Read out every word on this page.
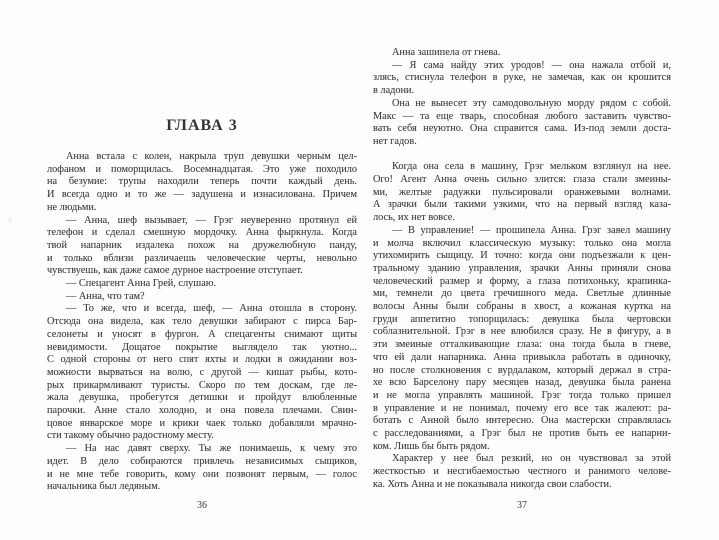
ГЛАВА 3
Анна встала с колен, накрыла труп девушки черным цел-
лофаном и поморщилась. Восемнадцатая. Это уже походило
на безумие: трупы находили теперь почти каждый день.
И всегда одно и то же — задушена и изнасилована. Причем
не людьми.
— Анна, шеф вызывает, — Грэг неуверенно протянул ей
телефон и сделал смешную мордочку. Анна фыркнула. Когда
твой напарник издалека похож на дружелюбную панду,
и только вблизи различаешь человеческие черты, невольно
чувствуешь, как даже самое дурное настроение отступает.
— Спецагент Анна Грей, слушаю.
— Анна, что там?
— То же, что и всегда, шеф, — Анна отошла в сторону.
Отсюда она видела, как тело девушки забирают с пирса Бар-
селонеты и уносят в фургон. А спецагенты снимают щиты
невидимости. Дощатое покрытие выглядело так уютно...
С одной стороны от него спят яхты и лодки в ожидании воз-
можности вырваться на волю, с другой — кишат рыбы, кото-
рых прикармливают туристы. Скоро по тем доскам, где ле-
жала девушка, пробегутся детишки и пройдут влюбленные
парочки. Анне стало холодно, и она повела плечами. Свин-
цовое январское море и крики чаек только добавляли мрачно-
сти такому обычно радостному месту.
— На нас давят сверху. Ты же понимаешь, к чему это
идет. В дело собираются привлечь независимых сыщиков,
и не мне тебе говорить, кому они позвонят первым, — голос
начальника был ледяным.
36
Анна зашипела от гнева.
— Я сама найду этих уродов! — она нажала отбой и,
злясь, стиснула телефон в руке, не замечая, как он крошится
в ладони.
Она не вынесет эту самодовольную морду рядом с собой.
Макс — та еще тварь, способная любого заставить чувство-
вать себя неуютно. Она справится сама. Из-под земли доста-
нет гадов.
Когда она села в машину, Грэг мельком взглянул на нее.
Ого! Агент Анна очень сильно злится: глаза стали змеины-
ми, желтые радужки пульсировали оранжевыми волнами.
А зрачки были такими узкими, что на первый взгляд каза-
лось, их нет вовсе.
— В управление! — прошипела Анна. Грэг завел машину
и молча включил классическую музыку: только она могла
утихомирить сыщицу. И точно: когда они подъезжали к цен-
тральному зданию управления, зрачки Анны приняли снова
человеческий размер и форму, а глаза потихоньку, крапинка-
ми, темнели до цвета гречишного меда. Светлые длинные
волосы Анны были собраны в хвост, а кожаная куртка на
груди аппетитно топорщилась: девушка была чертовски
соблазнительной. Грэг в нее влюбился сразу. Не в фигуру, а в
эти змеиные отталкивающие глаза: она тогда была в гневе,
что ей дали напарника. Анна привыкла работать в одиночку,
но после столкновения с вурдалаком, который держал в стра-
хе всю Барселону пару месяцев назад, девушка была ранена
и не могла управлять машиной. Грэг тогда только пришел
в управление и не понимал, почему его все так жалеют: ра-
ботать с Анной было интересно. Она мастерски справлялась
с расследованиями, а Грэг был не против быть ее напарни-
ком. Лишь бы быть рядом.
Характер у нее был резкий, но он чувствовал за этой
жесткостью и несгибаемостью честного и ранимого челове-
ка. Хоть Анна и не показывала никогда свои слабости.
37
